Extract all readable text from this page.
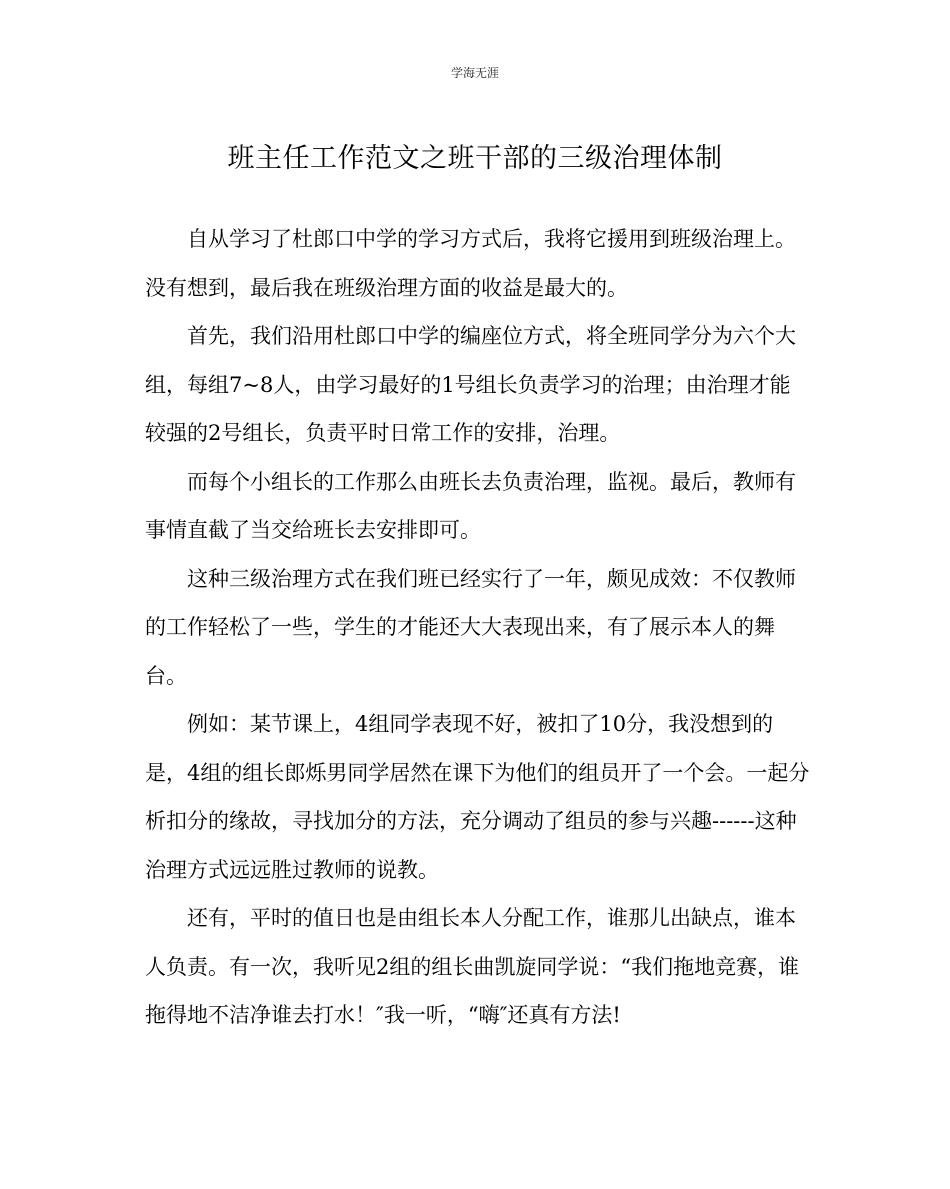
学海无涯
班主任工作范文之班干部的三级治理体制

自从学习了杜郎口中学的学习方式后，我将它援用到班级治理上。没有想到，最后我在班级治理方面的收益是最大的。

首先，我们沿用杜郎口中学的编座位方式，将全班同学分为六个大组，每组7~8人，由学习最好的1号组长负责学习的治理；由治理才能较强的2号组长，负责平时日常工作的安排，治理。

而每个小组长的工作那么由班长去负责治理，监视。最后，教师有事情直截了当交给班长去安排即可。

这种三级治理方式在我们班已经实行了一年，颇见成效：不仅教师的工作轻松了一些，学生的才能还大大表现出来，有了展示本人的舞台。

例如：某节课上，4组同学表现不好，被扣了10分，我没想到的是，4组的组长郎烁男同学居然在课下为他们的组员开了一个会。一起分析扣分的缘故，寻找加分的方法，充分调动了组员的参与兴趣------这种治理方式远远胜过教师的说教。

还有，平时的值日也是由组长本人分配工作，谁那儿出缺点，谁本人负责。有一次，我听见2组的组长曲凯旋同学说：“我们拖地竞赛，谁拖得地不洁净谁去打水！″我一听，“嗨″还真有方法!
